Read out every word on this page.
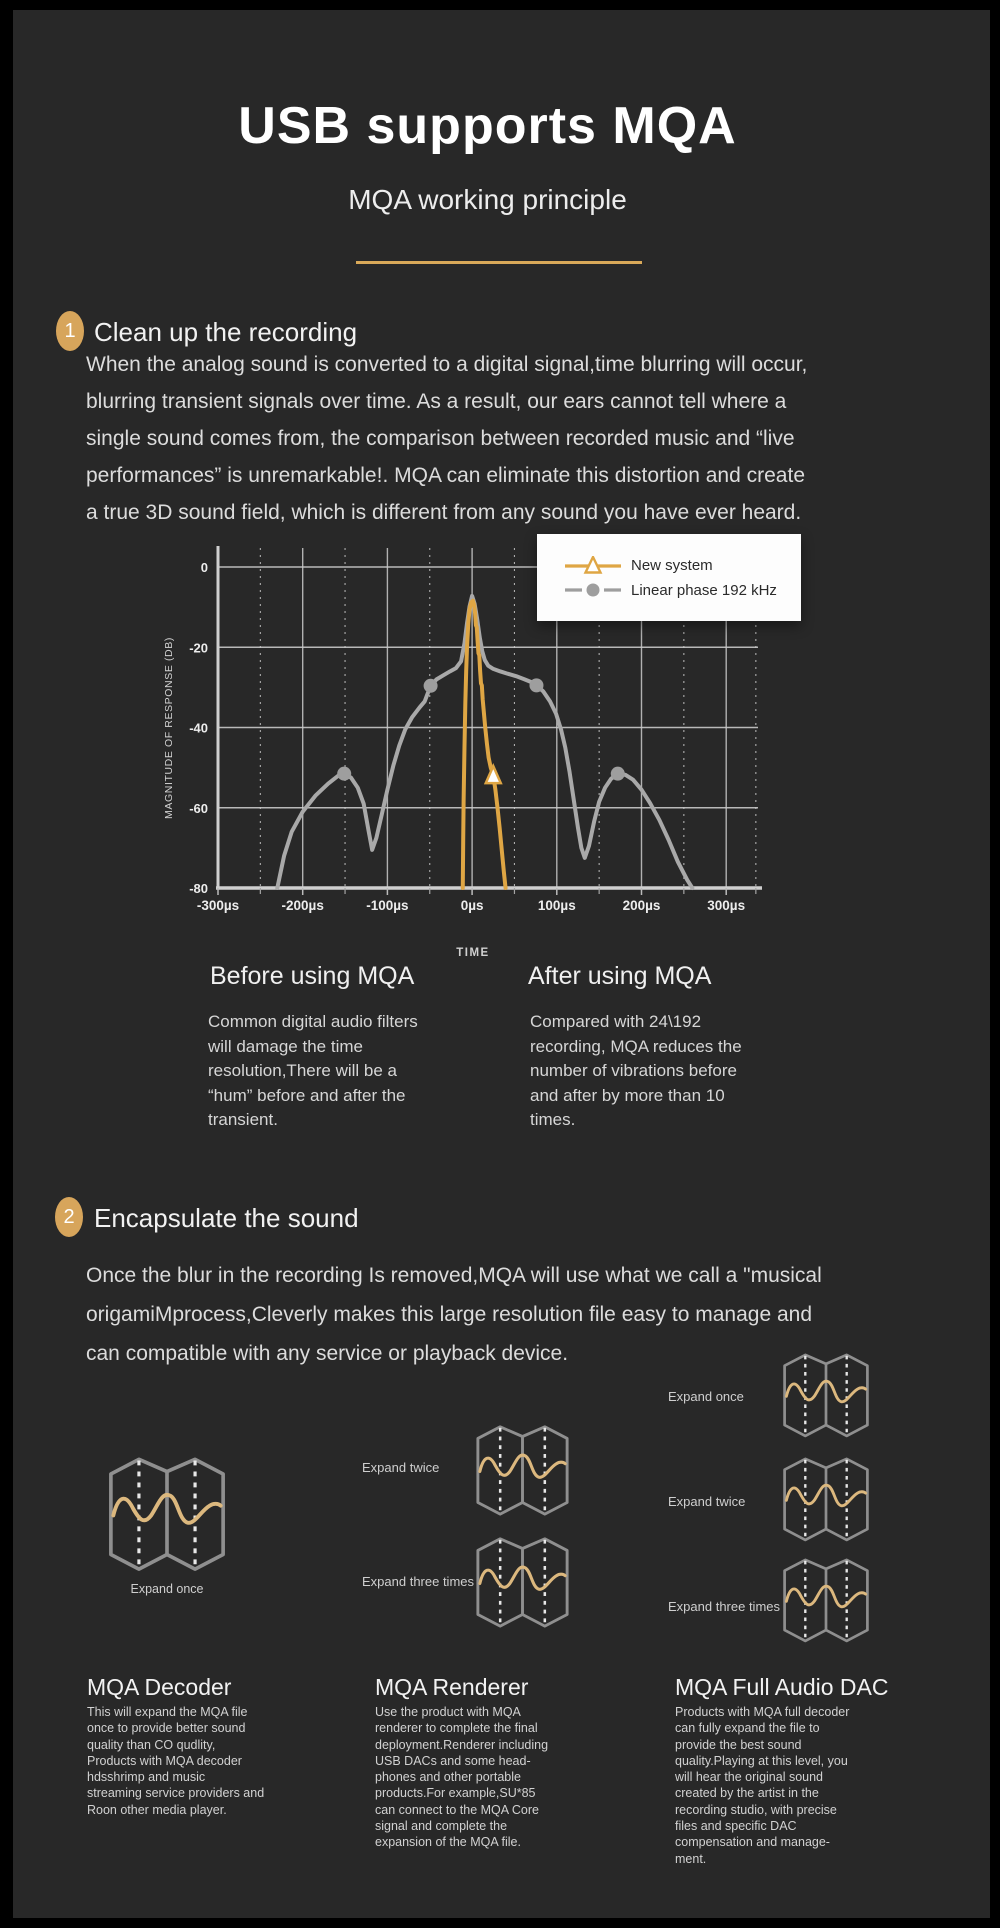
USB supports MQA
MQA working principle
1 Clean up the recording
When the analog sound is converted to a digital signal,time blurring will occur,
blurring transient signals over time. As a result, our ears cannot tell where a
single sound comes from, the comparison between recorded music and “live
performances” is unremarkable!. MQA can eliminate this distortion and create
a true 3D sound field, which is different from any sound you have ever heard.
0
-20
-40
-60
-80
-300µs	-200µs	-100µs	0µs	100µs	200µs	300µs
MAGNITUDE OF RESPONSE (DB)
New system
Linear phase 192 kHz
TIME
Before using MQA	After using MQA
Common digital audio filters
will damage the time
resolution,There will be a
“hum” before and after the
transient.
Compared with 24\192
recording, MQA reduces the
number of vibrations before
and after by more than 10
times.
2 Encapsulate the sound
Once the blur in the recording Is removed,MQA will use what we call a "musical
origamiMprocess,Cleverly makes this large resolution file easy to manage and
can compatible with any service or playback device.
Expand once
Expand twice
Expand three times
Expand once
Expand twice
Expand three times
MQA Decoder	MQA Renderer	MQA Full Audio DAC
This will expand the MQA file
once to provide better sound
quality than CO qudlity,
Products with MQA decoder
hdsshrimp and music
streaming service providers and
Roon other media player.
Use the product with MQA
renderer to complete the final
deployment.Renderer including
USB DACs and some head-
phones and other portable
products.For example,SU*85
can connect to the MQA Core
signal and complete the
expansion of the MQA file.
Products with MQA full decoder
can fully expand the file to
provide the best sound
quality.Playing at this level, you
will hear the original sound
created by the artist in the
recording studio, with precise
files and specific DAC
compensation and manage-
ment.
